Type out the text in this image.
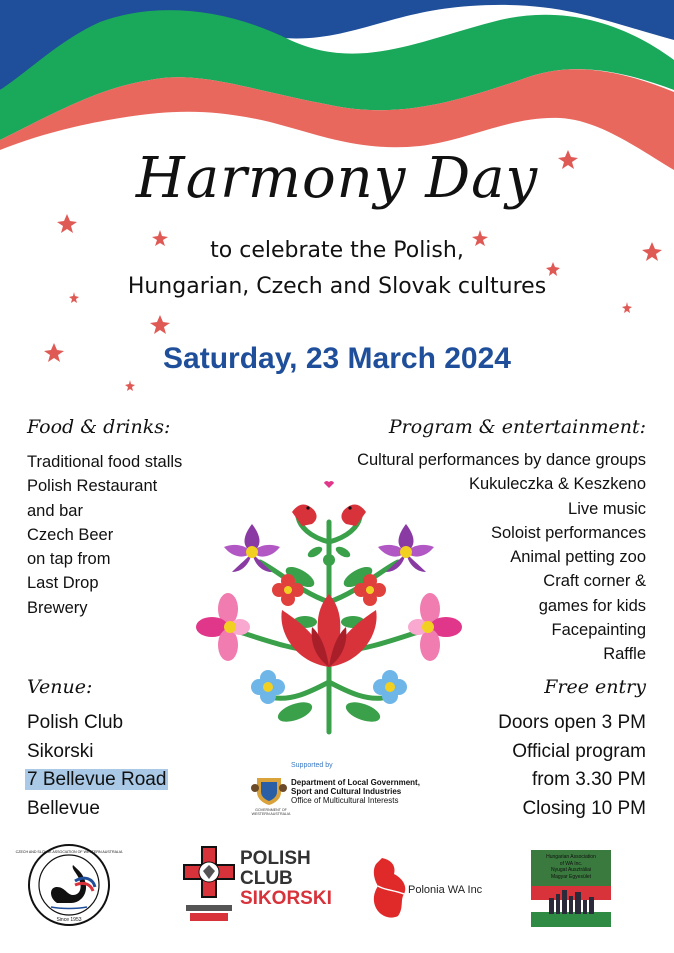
Harmony Day
to celebrate the Polish,
Hungarian, Czech and Slovak cultures
Saturday, 23 March 2024
Food & drinks:
Traditional food stalls
Polish Restaurant
and bar
Czech Beer
on tap from
Last Drop
Brewery
Program & entertainment:
Cultural performances by dance groups
Kukuleczka & Keszkeno
Live music
Soloist performances
Animal petting zoo
Craft corner &
games for kids
Facepainting
Raffle
Venue:
Polish Club
Sikorski
7 Bellevue Road
Bellevue
Free entry
Doors open 3 PM
Official program
from 3.30 PM
Closing 10 PM
Supported by
GOVERNMENT OF WESTERN AUSTRALIA
Department of Local Government,
Sport and Cultural Industries
Office of Multicultural Interests
Since 1953
CZECH AND SLOVAK ASSOCIATION OF WESTERN AUSTRALIA	POLISH
CLUB
SIKORSKI	Polonia WA Inc
Hungarian Association
of WA Inc.
Nyugat Ausztráliai
Magyar Egyesület
